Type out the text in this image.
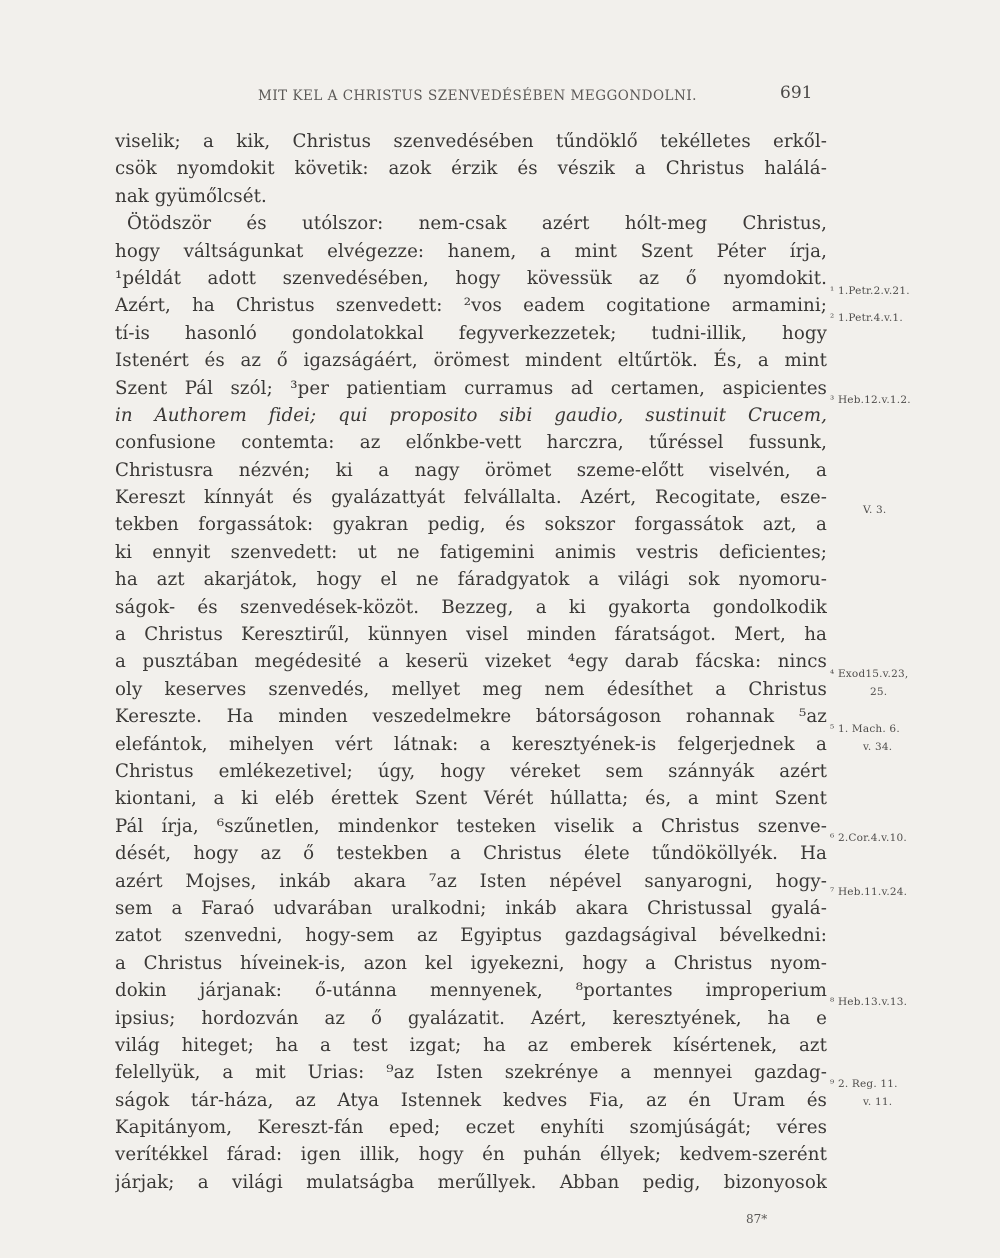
MIT KEL A CHRISTUS SZENVEDÉSÉBEN MEGGONDOLNI.	691
viselik; a kik, Christus szenvedésében tűndöklő tekélletes erkől-
csök nyomdokit követik: azok érzik és vészik a Christus halálá-
nak gyümőlcsét.
Ötödször és utólszor: nem-csak azért hólt-meg Christus,
hogy váltságunkat elvégezze: hanem, a mint Szent Péter írja,
¹példát adott szenvedésében, hogy kövessük az ő nyomdokit.
Azért, ha Christus szenvedett: ²vos eadem cogitatione armamini;
tí-is hasonló gondolatokkal fegyverkezzetek; tudni-illik, hogy
Istenért és az ő igazságáért, örömest mindent eltűrtök. És, a mint
Szent Pál szól; ³per patientiam curramus ad certamen, aspicientes
in Authorem fidei; qui proposito sibi gaudio, sustinuit Crucem,
confusione contemta: az előnkbe-vett harczra, tűréssel fussunk,
Christusra nézvén; ki a nagy örömet szeme-előtt viselvén, a
Kereszt kínnyát és gyalázattyát felvállalta. Azért, Recogitate, esze-
tekben forgassátok: gyakran pedig, és sokszor forgassátok azt, a
ki ennyit szenvedett: ut ne fatigemini animis vestris deficientes;
ha azt akarjátok, hogy el ne fáradgyatok a világi sok nyomoru-
ságok- és szenvedések-közöt. Bezzeg, a ki gyakorta gondolkodik
a Christus Keresztirűl, künnyen visel minden fáratságot. Mert, ha
a pusztában megédesité a keserü vizeket ⁴egy darab fácska: nincs
oly keserves szenvedés, mellyet meg nem édesíthet a Christus
Kereszte. Ha minden veszedelmekre bátorságoson rohannak ⁵az
elefántok, mihelyen vért látnak: a keresztyének-is felgerjednek a
Christus emlékezetivel; úgy, hogy véreket sem szánnyák azért
kiontani, a ki eléb érettek Szent Vérét húllatta; és, a mint Szent
Pál írja, ⁶szűnetlen, mindenkor testeken viselik a Christus szenve-
dését, hogy az ő testekben a Christus élete tűndököllyék. Ha
azért Mojses, inkáb akara ⁷az Isten népével sanyarogni, hogy-
sem a Faraó udvarában uralkodni; inkáb akara Christussal gyalá-
zatot szenvedni, hogy-sem az Egyiptus gazdagságival bévelkedni:
a Christus híveinek-is, azon kel igyekezni, hogy a Christus nyom-
dokin járjanak: ő-utánna mennyenek, ⁸portantes improperium
ipsius; hordozván az ő gyalázatit. Azért, keresztyének, ha e
világ hiteget; ha a test izgat; ha az emberek kísértenek, azt
felellyük, a mit Urias: ⁹az Isten szekrénye a mennyei gazdag-
ságok tár-háza, az Atya Istennek kedves Fia, az én Uram és
Kapitányom, Kereszt-fán eped; eczet enyhíti szomjúságát; véres
verítékkel fárad: igen illik, hogy én puhán éllyek; kedvem-szerént
járjak; a világi mulatságba merűllyek. Abban pedig, bizonyosok
¹ 1.Petr.2.v.21.
² 1.Petr.4.v.1.
³ Heb.12.v.1.2.
V. 3.
⁴ Exod15.v.23,
25.
⁵ 1. Mach. 6.
v. 34.
⁶ 2.Cor.4.v.10.
⁷ Heb.11.v.24.
⁸ Heb.13.v.13.
⁹ 2. Reg. 11.
v. 11.
87*
